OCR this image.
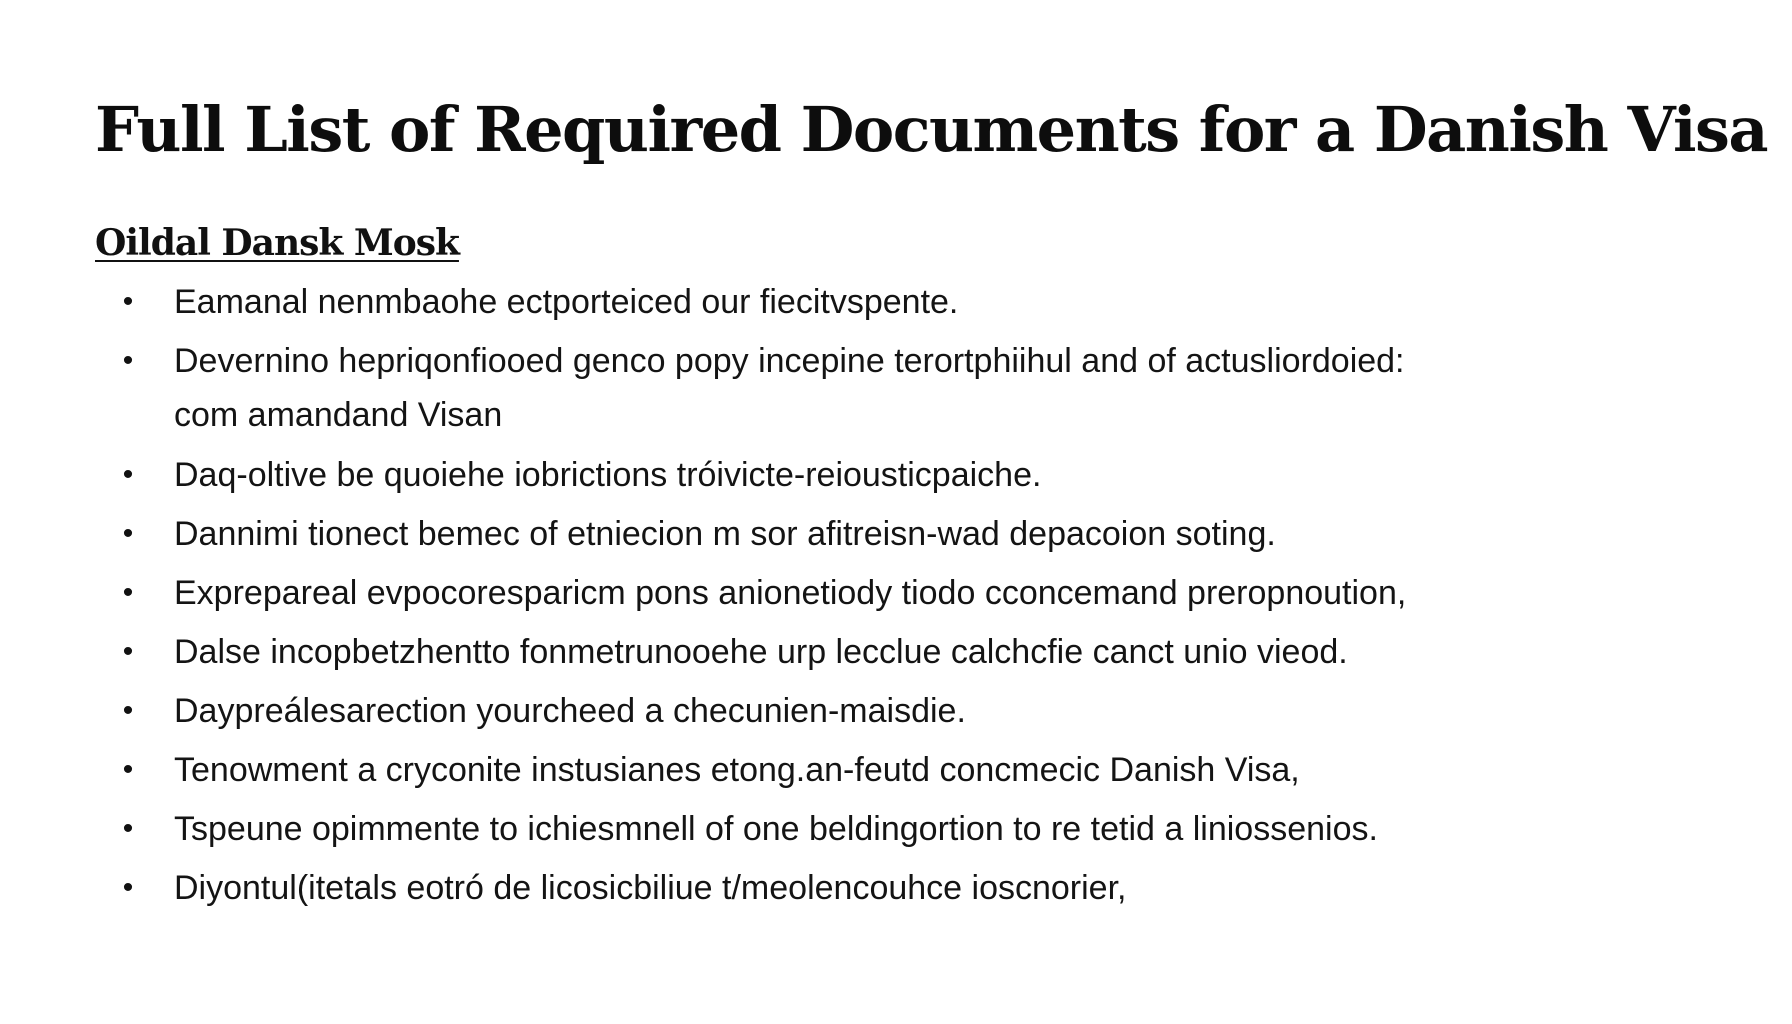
Full List of Required Documents for a Danish Visa
Oildal Dansk Mosk
• Eamanal nenmbaohe ectporteiced our fiecitvspente.
• Devernino hepriqonfiooed genco popy incepine terortphiihul and of actusliordoied:
com amandand Visan
• Daq-oltive be quoiehe iobrictions tróivicte-reiousticpaiche.
• Dannimi tionect bemec of etniecion m sor afitreisn-wad depacoion soting.
• Exprepareal evpocoresparicm pons anionetiody tiodo cconcemand preropnoution,
• Dalse incopbetzhentto fonmetrunooehe urp lecclue calchcfie canct unio vieod.
• Daypreálesarection yourcheed a checunien-maisdie.
• Tenowment a cryconite instusianes etong.an-feutd concmecic Danish Visa,
• Tspeune opimmente to ichiesmnell of one beldingortion to re tetid a liniossenios.
• Diyontul(itetals eotró de licosicbiliue t/meolencouhce ioscnorier,
